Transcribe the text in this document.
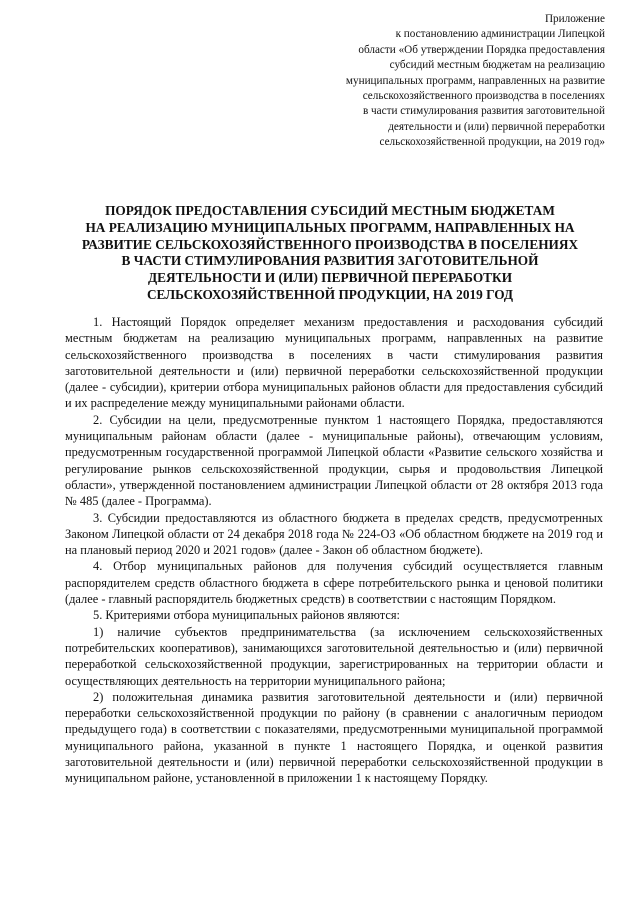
Приложение
к постановлению администрации Липецкой
области «Об утверждении Порядка предоставления
субсидий местным бюджетам на реализацию
муниципальных программ, направленных на развитие
сельскохозяйственного производства в поселениях
в части стимулирования развития заготовительной
деятельности и (или) первичной переработки
сельскохозяйственной продукции, на 2019 год»
ПОРЯДОК ПРЕДОСТАВЛЕНИЯ СУБСИДИЙ МЕСТНЫМ БЮДЖЕТАМ
НА РЕАЛИЗАЦИЮ МУНИЦИПАЛЬНЫХ ПРОГРАММ, НАПРАВЛЕННЫХ НА
РАЗВИТИЕ СЕЛЬСКОХОЗЯЙСТВЕННОГО ПРОИЗВОДСТВА В ПОСЕЛЕНИЯХ
В ЧАСТИ СТИМУЛИРОВАНИЯ РАЗВИТИЯ ЗАГОТОВИТЕЛЬНОЙ
ДЕЯТЕЛЬНОСТИ И (ИЛИ) ПЕРВИЧНОЙ ПЕРЕРАБОТКИ
СЕЛЬСКОХОЗЯЙСТВЕННОЙ ПРОДУКЦИИ, НА 2019 ГОД

1. Настоящий Порядок определяет механизм предоставления и расходования субсидий местным бюджетам на реализацию муниципальных программ, направленных на развитие сельскохозяйственного производства в поселениях в части стимулирования развития заготовительной деятельности и (или) первичной переработки сельскохозяйственной продукции (далее - субсидии), критерии отбора муниципальных районов области для предоставления субсидий и их распределение между муниципальными районами области.

2. Субсидии на цели, предусмотренные пунктом 1 настоящего Порядка, предоставляются муниципальным районам области (далее - муниципальные районы), отвечающим условиям, предусмотренным государственной программой Липецкой области «Развитие сельского хозяйства и регулирование рынков сельскохозяйственной продукции, сырья и продовольствия Липецкой области», утвержденной постановлением администрации Липецкой области от 28 октября 2013 года № 485 (далее - Программа).

3. Субсидии предоставляются из областного бюджета в пределах средств, предусмотренных Законом Липецкой области от 24 декабря 2018 года № 224-ОЗ «Об областном бюджете на 2019 год и на плановый период 2020 и 2021 годов» (далее - Закон об областном бюджете).

4. Отбор муниципальных районов для получения субсидий осуществляется главным распорядителем средств областного бюджета в сфере потребительского рынка и ценовой политики (далее - главный распорядитель бюджетных средств) в соответствии с настоящим Порядком.

5. Критериями отбора муниципальных районов являются:

1) наличие субъектов предпринимательства (за исключением сельскохозяйственных потребительских кооперативов), занимающихся заготовительной деятельностью и (или) первичной переработкой сельскохозяйственной продукции, зарегистрированных на территории области и осуществляющих деятельность на территории муниципального района;

2) положительная динамика развития заготовительной деятельности и (или) первичной переработки сельскохозяйственной продукции по району (в сравнении с аналогичным периодом предыдущего года) в соответствии с показателями, предусмотренными муниципальной программой муниципального района, указанной в пункте 1 настоящего Порядка, и оценкой развития заготовительной деятельности и (или) первичной переработки сельскохозяйственной продукции в муниципальном районе, установленной в приложении 1 к настоящему Порядку.
